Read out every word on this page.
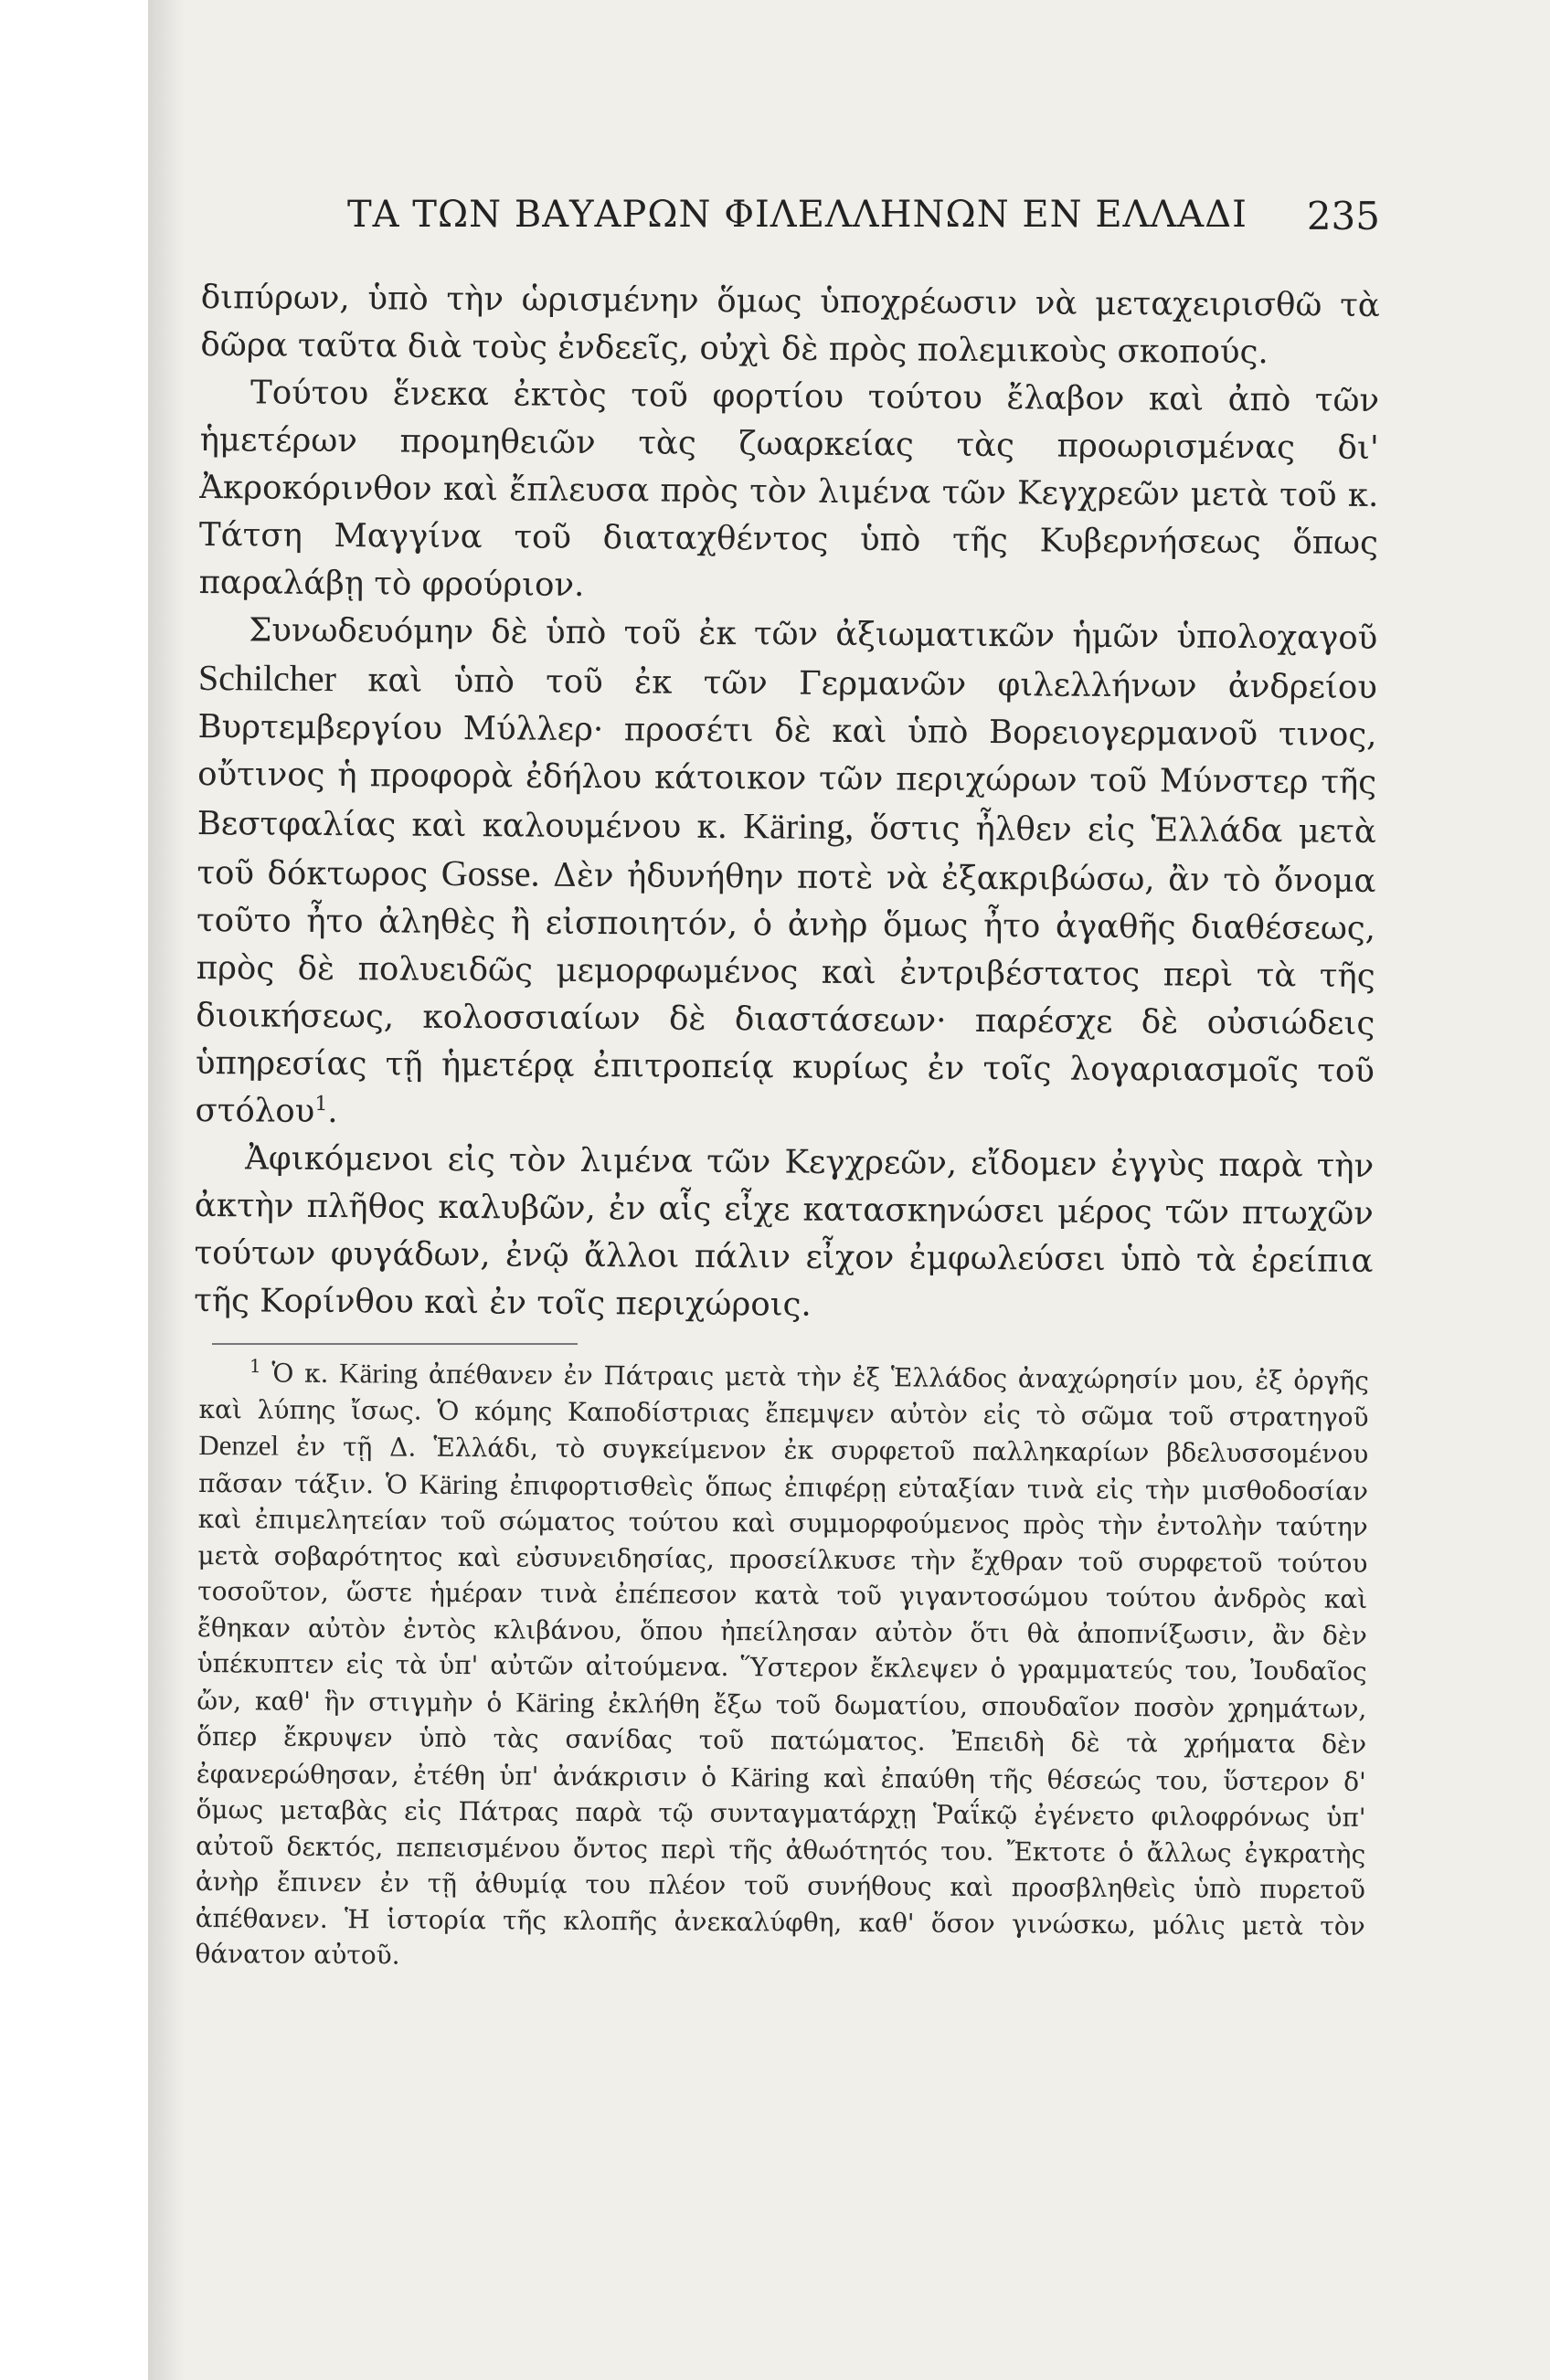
ΤΑ ΤΩΝ ΒΑΥΑΡΩΝ ΦΙΛΕΛΛΗΝΩΝ ΕΝ ΕΛΛΑΔΙ 235

διπύρων, ὑπὸ τὴν ὡρισμένην ὅμως ὑποχρέωσιν νὰ μεταχειρισθῶ τὰ δῶρα ταῦτα διὰ τοὺς ἐνδεεῖς, οὐχὶ δὲ πρὸς πολεμικοὺς σκοπούς.

Τούτου ἕνεκα ἐκτὸς τοῦ φορτίου τούτου ἔλαβον καὶ ἀπὸ τῶν ἡμετέρων προμηθειῶν τὰς ζωαρκείας τὰς προωρισμένας δι' Ἀκροκόρινθον καὶ ἔπλευσα πρὸς τὸν λιμένα τῶν Κεγχρεῶν μετὰ τοῦ κ. Τάτση Μαγγίνα τοῦ διαταχθέντος ὑπὸ τῆς Κυβερνήσεως ὅπως παραλάβῃ τὸ φρούριον.

Συνωδευόμην δὲ ὑπὸ τοῦ ἐκ τῶν ἀξιωματικῶν ἡμῶν ὑπολοχαγοῦ Schilcher καὶ ὑπὸ τοῦ ἐκ τῶν Γερμανῶν φιλελλήνων ἀνδρείου Βυρτεμβεργίου Μύλλερ· προσέτι δὲ καὶ ὑπὸ Βορειογερμανοῦ τινος, οὔτινος ἡ προφορὰ ἐδήλου κάτοικον τῶν περιχώρων τοῦ Μύνστερ τῆς Βεστφαλίας καὶ καλουμένου κ. Käring, ὅστις ἦλθεν εἰς Ἑλλάδα μετὰ τοῦ δόκτωρος Gosse. Δὲν ἠδυνήθην ποτὲ νὰ ἐξακριβώσω, ἂν τὸ ὄνομα τοῦτο ἦτο ἀληθὲς ἢ εἰσποιητόν, ὁ ἀνὴρ ὅμως ἦτο ἀγαθῆς διαθέσεως, πρὸς δὲ πολυειδῶς μεμορφωμένος καὶ ἐντριβέστατος περὶ τὰ τῆς διοικήσεως, κολοσσιαίων δὲ διαστάσεων· παρέσχε δὲ οὐσιώδεις ὑπηρεσίας τῇ ἡμετέρᾳ ἐπιτροπείᾳ κυρίως ἐν τοῖς λογαριασμοῖς τοῦ στόλου$^1$.

Ἀφικόμενοι εἰς τὸν λιμένα τῶν Κεγχρεῶν, εἴδομεν ἐγγὺς παρὰ τὴν ἀκτὴν πλῆθος καλυβῶν, ἐν αἷς εἶχε κατασκηνώσει μέρος τῶν πτωχῶν τούτων φυγάδων, ἐνῷ ἄλλοι πάλιν εἶχον ἐμφωλεύσει ὑπὸ τὰ ἐρείπια τῆς Κορίνθου καὶ ἐν τοῖς περιχώροις.

$^1$ Ὁ κ. Käring ἀπέθανεν ἐν Πάτραις μετὰ τὴν ἐξ Ἑλλάδος ἀναχώρησίν μου, ἐξ ὀργῆς καὶ λύπης ἴσως. Ὁ κόμης Καποδίστριας ἔπεμψεν αὐτὸν εἰς τὸ σῶμα τοῦ στρατηγοῦ Denzel ἐν τῇ Δ. Ἑλλάδι, τὸ συγκείμενον ἐκ συρφετοῦ παλληκαρίων βδελυσσομένου πᾶσαν τάξιν. Ὁ Käring ἐπιφορτισθεὶς ὅπως ἐπιφέρῃ εὐταξίαν τινὰ εἰς τὴν μισθοδοσίαν καὶ ἐπιμελητείαν τοῦ σώματος τούτου καὶ συμμορφούμενος πρὸς τὴν ἐντολὴν ταύτην μετὰ σοβαρότητος καὶ εὐσυνειδησίας, προσείλκυσε τὴν ἔχθραν τοῦ συρφετοῦ τούτου τοσοῦτον, ὥστε ἡμέραν τινὰ ἐπέπεσον κατὰ τοῦ γιγαντοσώμου τούτου ἀνδρὸς καὶ ἔθηκαν αὐτὸν ἐντὸς κλιβάνου, ὅπου ἠπείλησαν αὐτὸν ὅτι θὰ ἀποπνίξωσιν, ἂν δὲν ὑπέκυπτεν εἰς τὰ ὑπ' αὐτῶν αἰτούμενα. Ὕστερον ἔκλεψεν ὁ γραμματεύς του, Ἰουδαῖος ὤν, καθ' ἣν στιγμὴν ὁ Käring ἐκλήθη ἔξω τοῦ δωματίου, σπουδαῖον ποσὸν χρημάτων, ὅπερ ἔκρυψεν ὑπὸ τὰς σανίδας τοῦ πατώματος. Ἐπειδὴ δὲ τὰ χρήματα δὲν ἐφανερώθησαν, ἐτέθη ὑπ' ἀνάκρισιν ὁ Käring καὶ ἐπαύθη τῆς θέσεώς του, ὕστερον δ' ὅμως μεταβὰς εἰς Πάτρας παρὰ τῷ συνταγματάρχῃ Ῥαΐκῷ ἐγένετο φιλοφρόνως ὑπ' αὐτοῦ δεκτός, πεπεισμένου ὄντος περὶ τῆς ἀθωότητός του. Ἔκτοτε ὁ ἄλλως ἐγκρατὴς ἀνὴρ ἔπινεν ἐν τῇ ἀθυμίᾳ του πλέον τοῦ συνήθους καὶ προσβληθεὶς ὑπὸ πυρετοῦ ἀπέθανεν. Ἡ ἱστορία τῆς κλοπῆς ἀνεκαλύφθη, καθ' ὅσον γινώσκω, μόλις μετὰ τὸν θάνατον αὐτοῦ.
